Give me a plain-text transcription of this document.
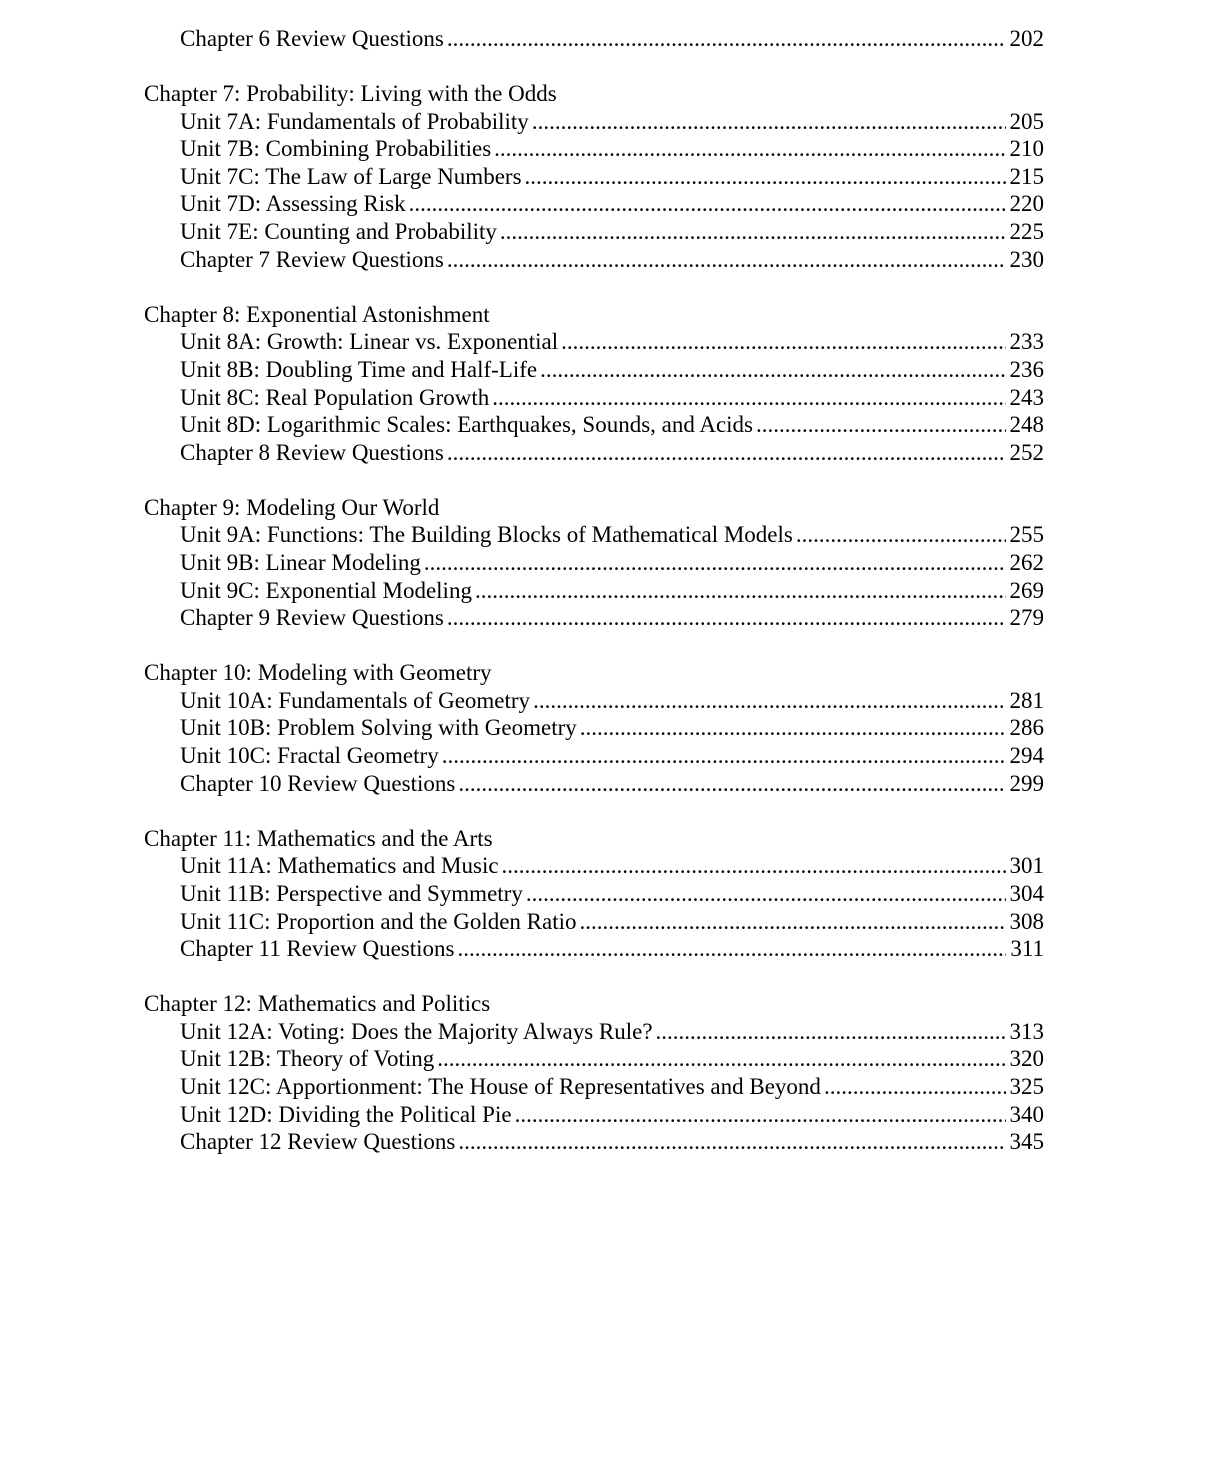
Chapter 6 Review Questions .....	202
Chapter 7: Probability: Living with the Odds
Unit 7A: Fundamentals of Probability .....	205
Unit 7B: Combining Probabilities .....	210
Unit 7C: The Law of Large Numbers .....	215
Unit 7D: Assessing Risk .....	220
Unit 7E: Counting and Probability .....	225
Chapter 7 Review Questions .....	230
Chapter 8: Exponential Astonishment
Unit 8A: Growth: Linear vs. Exponential .....	233
Unit 8B: Doubling Time and Half-Life .....	236
Unit 8C: Real Population Growth .....	243
Unit 8D: Logarithmic Scales: Earthquakes, Sounds, and Acids .....	248
Chapter 8 Review Questions .....	252
Chapter 9: Modeling Our World
Unit 9A: Functions: The Building Blocks of Mathematical Models .....	255
Unit 9B: Linear Modeling .....	262
Unit 9C: Exponential Modeling .....	269
Chapter 9 Review Questions .....	279
Chapter 10: Modeling with Geometry
Unit 10A: Fundamentals of Geometry .....	281
Unit 10B: Problem Solving with Geometry .....	286
Unit 10C: Fractal Geometry .....	294
Chapter 10 Review Questions .....	299
Chapter 11: Mathematics and the Arts
Unit 11A: Mathematics and Music .....	301
Unit 11B: Perspective and Symmetry .....	304
Unit 11C: Proportion and the Golden Ratio .....	308
Chapter 11 Review Questions .....	311
Chapter 12: Mathematics and Politics
Unit 12A: Voting: Does the Majority Always Rule? .....	313
Unit 12B: Theory of Voting .....	320
Unit 12C: Apportionment: The House of Representatives and Beyond .....	325
Unit 12D: Dividing the Political Pie .....	340
Chapter 12 Review Questions .....	345
